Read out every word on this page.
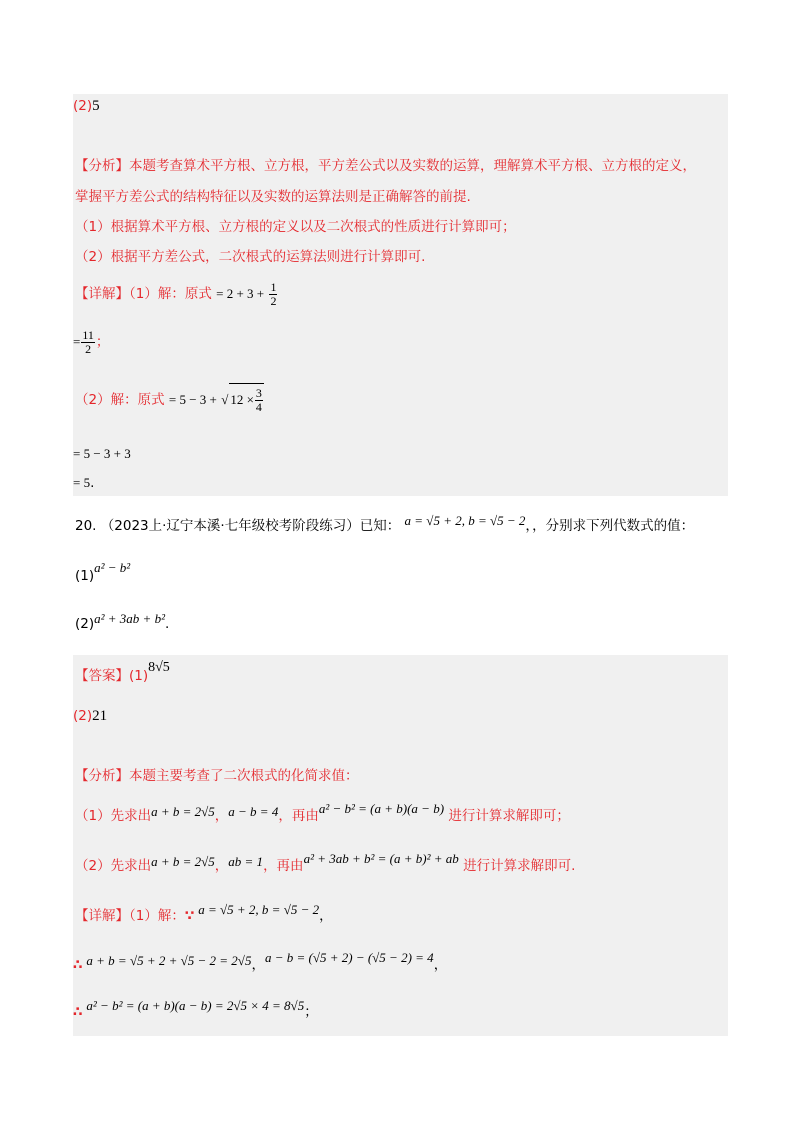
(2)5
【分析】本题考查算术平方根、立方根，平方差公式以及实数的运算，理解算术平方根、立方根的定义，
掌握平方差公式的结构特征以及实数的运算法则是正确解答的前提.
（1）根据算术平方根、立方根的定义以及二次根式的性质进行计算即可；
（2）根据平方差公式，二次根式的运算法则进行计算即可.
【详解】（1）解：原式 = $2 + 3 + \frac{1}{2}$
= $\frac{11}{2}$ ；
（2）解：原式 = 5 − 3 + √ $12 \times \frac{3}{4}$
= 5 − 3 + 3
= 5.
20. （2023上·辽宁本溪·七年级校考阶段练习）已知： a = √5 + 2, b = √5 − 2，，分别求下列代数式的值：
(1)a² − b²
(2)a² + 3ab + b².
【答案】(1)8√5
(2)21
【分析】本题主要考查了二次根式的化简求值：
（1）先求出a + b = 2√5，a − b = 4，再由a² − b² = (a + b)(a − b) 进行计算求解即可；
（2）先求出a + b = 2√5，ab = 1，再由a² + 3ab + b² = (a + b)² + ab 进行计算求解即可.
【详解】（1）解：∵ a = √5 + 2, b = √5 − 2，
∴ a + b = √5 + 2 + √5 − 2 = 2√5，a − b = (√5 + 2) − (√5 − 2) = 4，
∴ a² − b² = (a + b)(a − b) = 2√5 × 4 = 8√5；
